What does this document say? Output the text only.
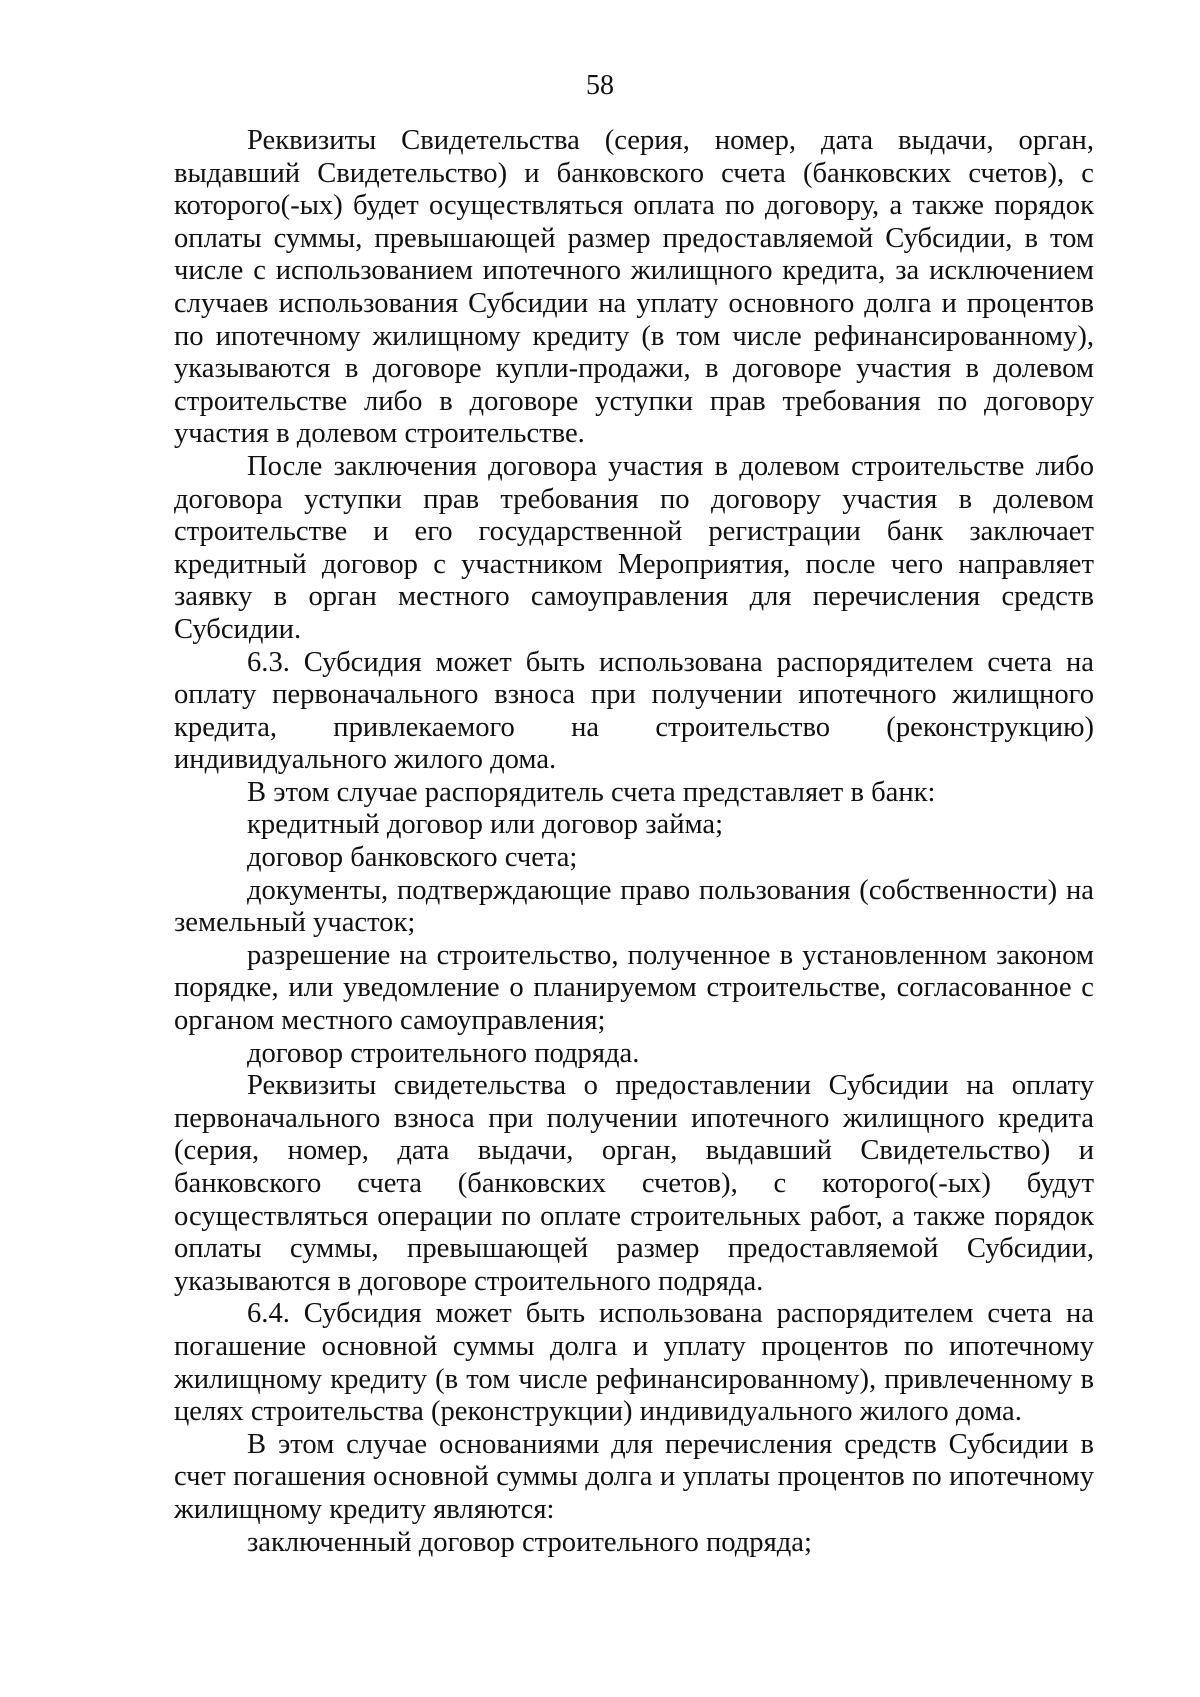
58

Реквизиты Свидетельства (серия, номер, дата выдачи, орган, выдавший Свидетельство) и банковского счета (банковских счетов), с которого(-ых) будет осуществляться оплата по договору, а также порядок оплаты суммы, превышающей размер предоставляемой Субсидии, в том числе с использованием ипотечного жилищного кредита, за исключением случаев использования Субсидии на уплату основного долга и процентов по ипотечному жилищному кредиту (в том числе рефинансированному), указываются в договоре купли-продажи, в договоре участия в долевом строительстве либо в договоре уступки прав требования по договору участия в долевом строительстве.

После заключения договора участия в долевом строительстве либо договора уступки прав требования по договору участия в долевом строительстве и его государственной регистрации банк заключает кредитный договор с участником Мероприятия, после чего направляет заявку в орган местного самоуправления для перечисления средств Субсидии.

6.3. Субсидия может быть использована распорядителем счета на оплату первоначального взноса при получении ипотечного жилищного кредита, привлекаемого на строительство (реконструкцию) индивидуального жилого дома.

В этом случае распорядитель счета представляет в банк:

кредитный договор или договор займа;

договор банковского счета;

документы, подтверждающие право пользования (собственности) на земельный участок;

разрешение на строительство, полученное в установленном законом порядке, или уведомление о планируемом строительстве, согласованное с органом местного самоуправления;

договор строительного подряда.

Реквизиты свидетельства о предоставлении Субсидии на оплату первоначального взноса при получении ипотечного жилищного кредита (серия, номер, дата выдачи, орган, выдавший Свидетельство) и банковского счета (банковских счетов), с которого(-ых) будут осуществляться операции по оплате строительных работ, а также порядок оплаты суммы, превышающей размер предоставляемой Субсидии, указываются в договоре строительного подряда.

6.4. Субсидия может быть использована распорядителем счета на погашение основной суммы долга и уплату процентов по ипотечному жилищному кредиту (в том числе рефинансированному), привлеченному в целях строительства (реконструкции) индивидуального жилого дома.

В этом случае основаниями для перечисления средств Субсидии в счет погашения основной суммы долга и уплаты процентов по ипотечному жилищному кредиту являются:

заключенный договор строительного подряда;
